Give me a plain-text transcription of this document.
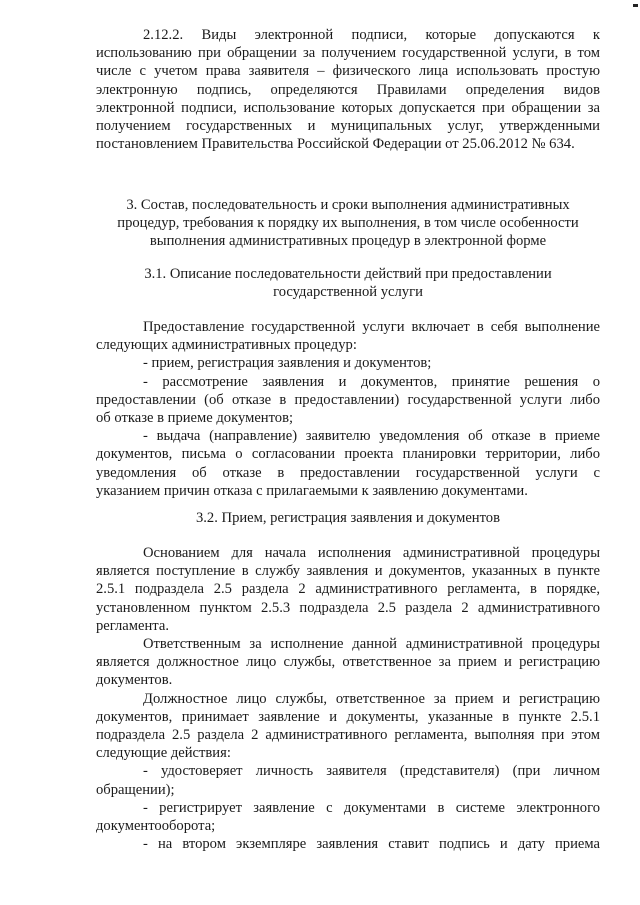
2.12.2. Виды электронной подписи, которые допускаются к
использованию при обращении за получением государственной услуги, в том
числе с учетом права заявителя – физического лица использовать простую
электронную подпись, определяются Правилами определения видов
электронной подписи, использование которых допускается при обращении за
получением государственных и муниципальных услуг, утвержденными
постановлением Правительства Российской Федерации от 25.06.2012 № 634.
3. Состав, последовательность и сроки выполнения административных
процедур, требования к порядку их выполнения, в том числе особенности
выполнения административных процедур в электронной форме
3.1. Описание последовательности действий при предоставлении
государственной услуги
Предоставление государственной услуги включает в себя выполнение
следующих административных процедур:
- прием, регистрация заявления и документов;
- рассмотрение заявления и документов, принятие решения о
предоставлении (об отказе в предоставлении) государственной услуги либо
об отказе в приеме документов;
- выдача (направление) заявителю уведомления об отказе в приеме
документов, письма о согласовании проекта планировки территории, либо
уведомления об отказе в предоставлении государственной услуги с
указанием причин отказа с прилагаемыми к заявлению документами.
3.2. Прием, регистрация заявления и документов
Основанием для начала исполнения административной процедуры
является поступление в службу заявления и документов, указанных в пункте
2.5.1 подраздела 2.5 раздела 2 административного регламента, в порядке,
установленном пунктом 2.5.3 подраздела 2.5 раздела 2 административного
регламента.
Ответственным за исполнение данной административной процедуры
является должностное лицо службы, ответственное за прием и регистрацию
документов.
Должностное лицо службы, ответственное за прием и регистрацию
документов, принимает заявление и документы, указанные в пункте 2.5.1
подраздела 2.5 раздела 2 административного регламента, выполняя при этом
следующие действия:
- удостоверяет личность заявителя (представителя) (при личном
обращении);
- регистрирует заявление с документами в системе электронного
документооборота;
- на втором экземпляре заявления ставит подпись и дату приема
